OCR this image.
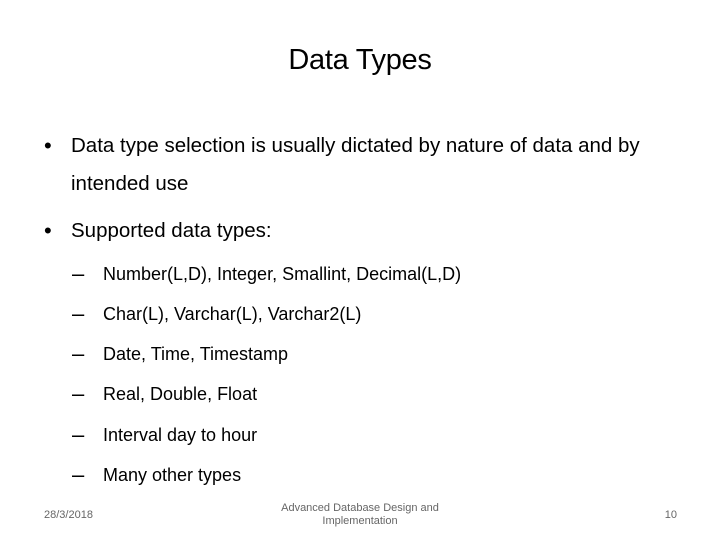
Data Types
• Data type selection is usually dictated by nature of data and by intended use
• Supported data types:
–	Number(L,D), Integer, Smallint, Decimal(L,D)
–	Char(L), Varchar(L), Varchar2(L)
–	Date, Time, Timestamp
–	Real, Double, Float
–	Interval day to hour
–	Many other types
28/3/2018
Advanced Database Design and Implementation	10
